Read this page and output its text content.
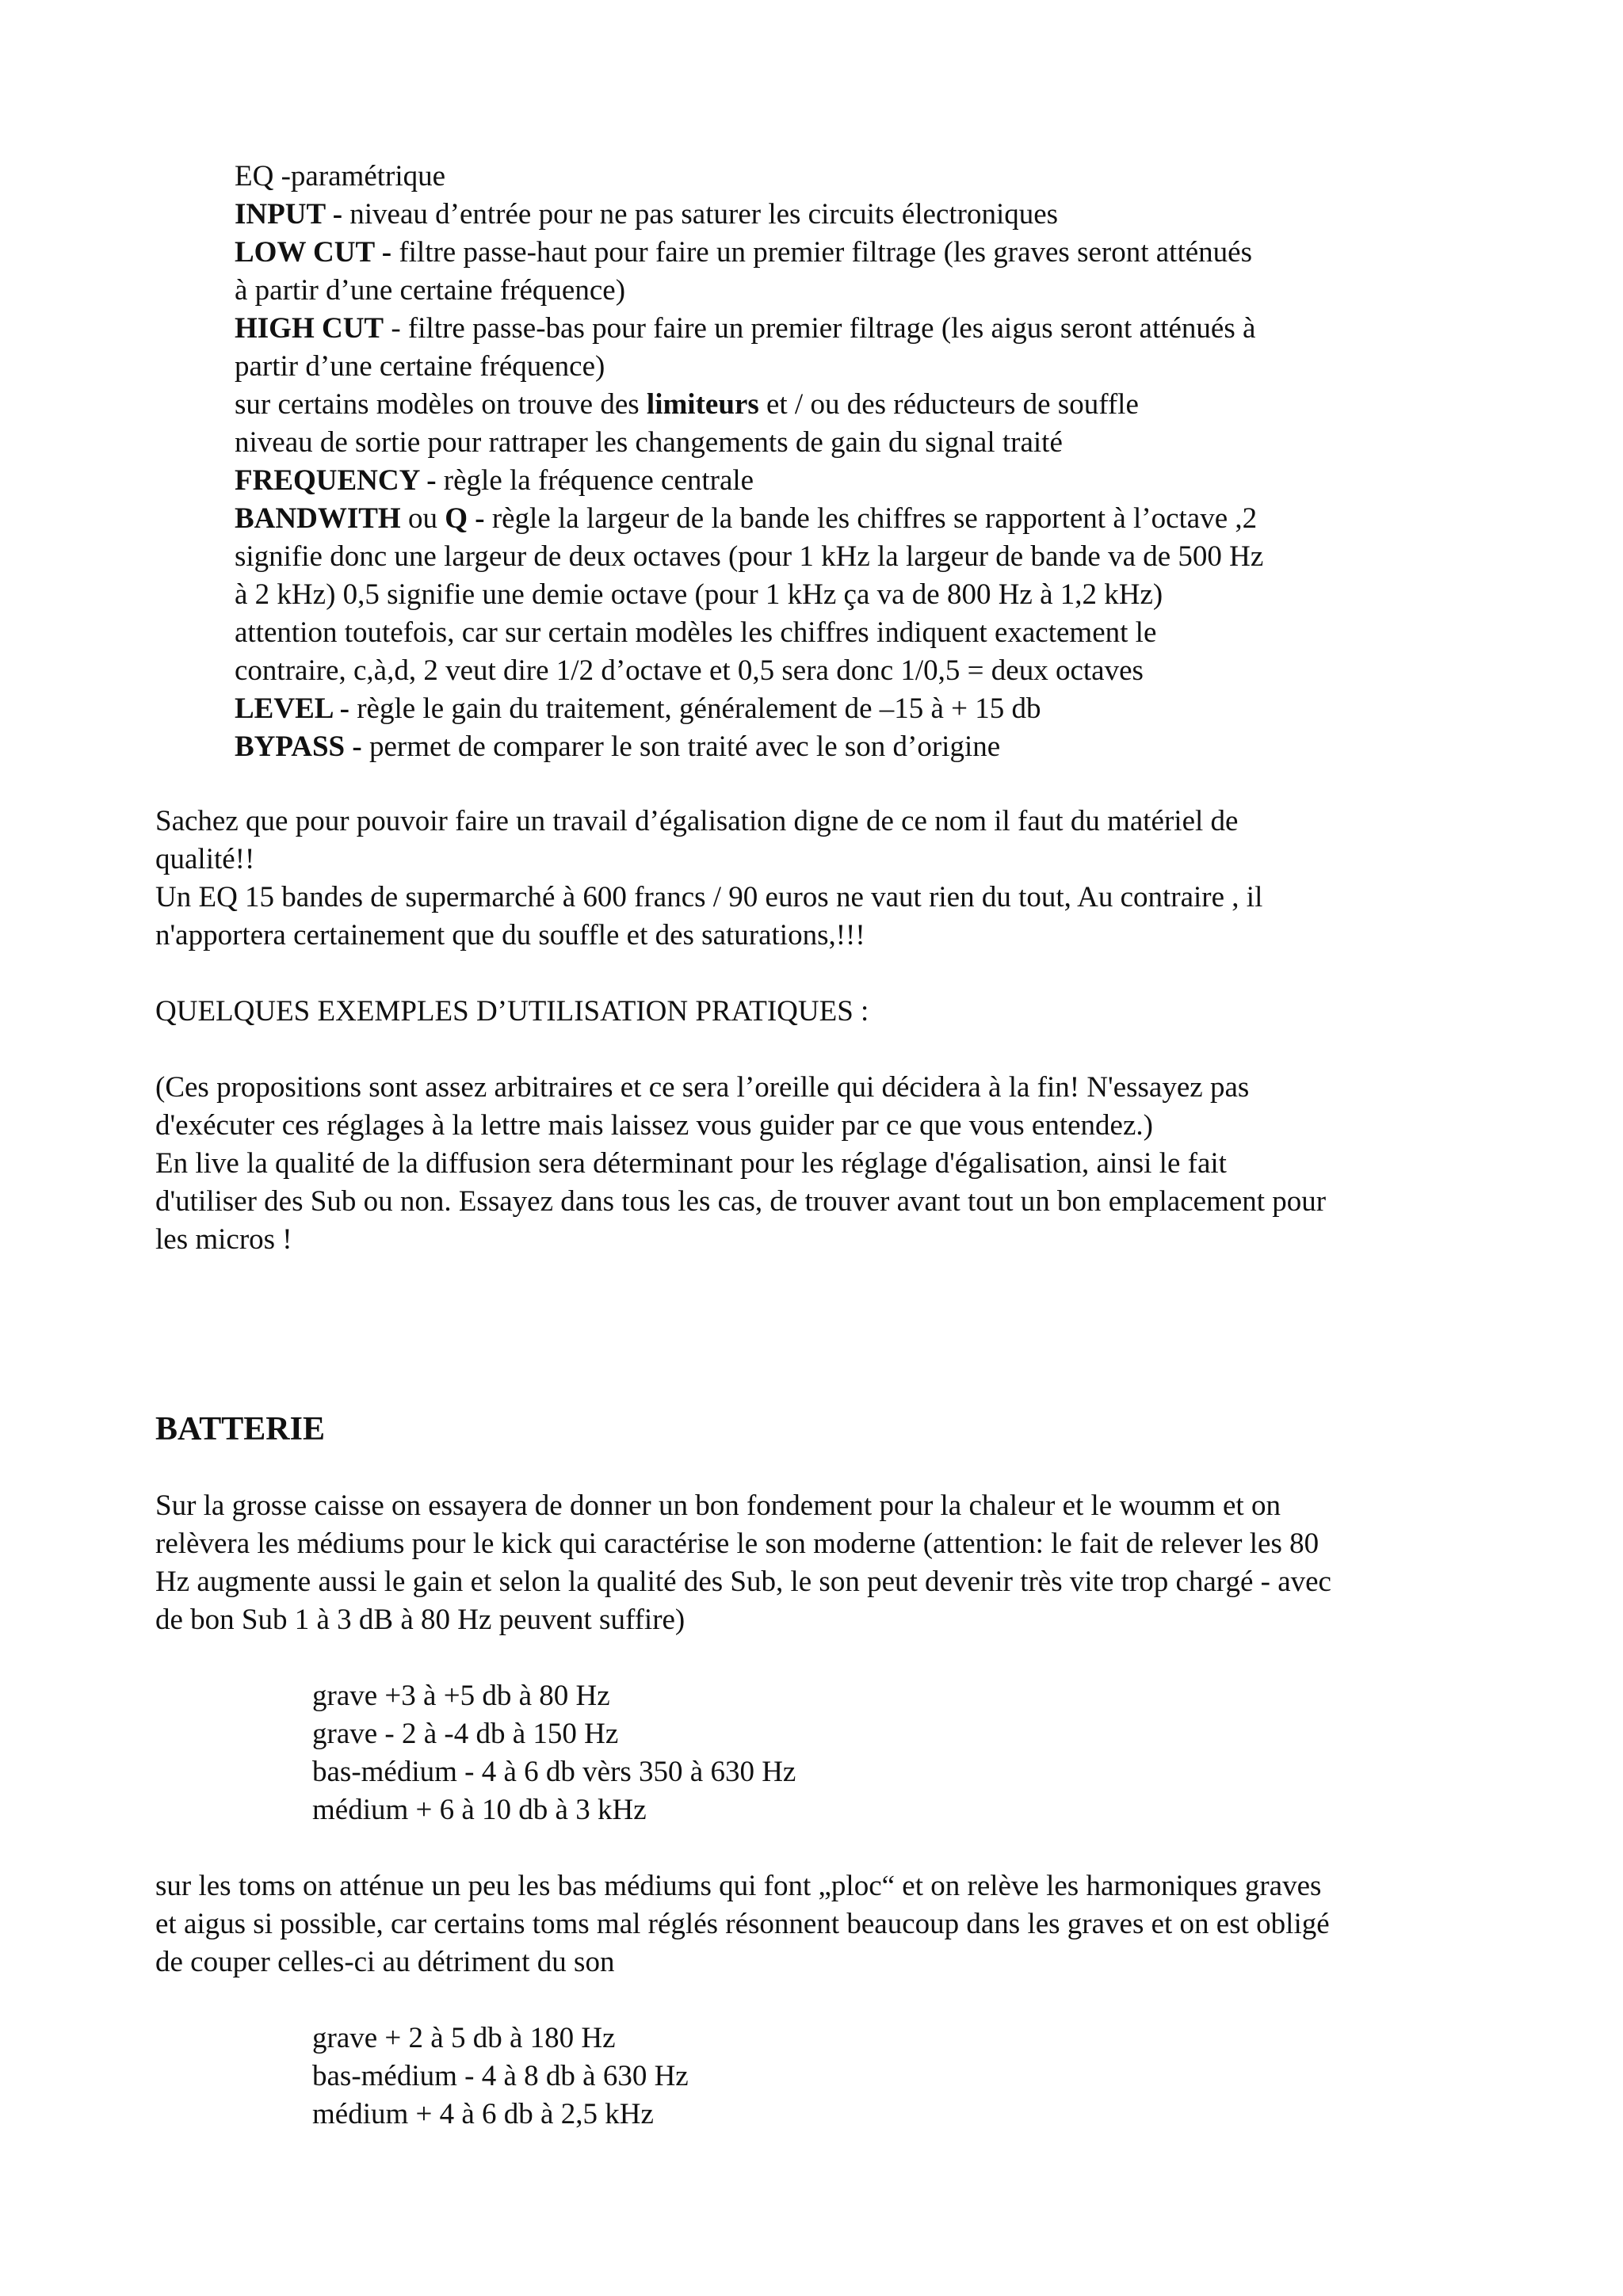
EQ -paramétrique
INPUT - niveau d’entrée pour ne pas saturer les circuits électroniques
LOW CUT - filtre passe-haut pour faire un premier filtrage (les graves seront atténués
à partir d’une certaine fréquence)
HIGH CUT - filtre passe-bas pour faire un premier filtrage (les aigus seront atténués à
partir d’une certaine fréquence)
sur certains modèles on trouve des limiteurs et / ou des réducteurs de souffle
niveau de sortie pour rattraper les changements de gain du signal traité
FREQUENCY - règle la fréquence centrale
BANDWITH ou Q - règle la largeur de la bande les chiffres se rapportent à l’octave ,2
signifie donc une largeur de deux octaves (pour 1 kHz la largeur de bande va de 500 Hz
à 2 kHz) 0,5 signifie une demie octave (pour 1 kHz ça va de 800 Hz à 1,2 kHz)
attention toutefois, car sur certain modèles les chiffres indiquent exactement le
contraire, c,à,d, 2 veut dire 1/2 d’octave et 0,5 sera donc 1/0,5 = deux octaves
LEVEL - règle le gain du traitement, généralement de –15 à + 15 db
BYPASS - permet de comparer le son traité avec le son d’origine
Sachez que pour pouvoir faire un travail d’égalisation digne de ce nom il faut du matériel de
qualité!!
Un EQ 15 bandes de supermarché à 600 francs / 90 euros ne vaut rien du tout, Au contraire , il
n'apportera certainement que du souffle et des saturations,!!!
QUELQUES EXEMPLES D’UTILISATION PRATIQUES :
(Ces propositions sont assez arbitraires et ce sera l’oreille qui décidera à la fin! N'essayez pas
d'exécuter ces réglages à la lettre mais laissez vous guider par ce que vous entendez.)
En live la qualité de la diffusion sera déterminant pour les réglage d'égalisation, ainsi le fait
d'utiliser des Sub ou non. Essayez dans tous les cas, de trouver avant tout un bon emplacement pour
les micros !
BATTERIE
Sur la grosse caisse on essayera de donner un bon fondement pour la chaleur et le woumm et on
relèvera les médiums pour le kick qui caractérise le son moderne (attention: le fait de relever les 80
Hz augmente aussi le gain et selon la qualité des Sub, le son peut devenir très vite trop chargé - avec
de bon Sub 1 à 3 dB à 80 Hz peuvent suffire)
grave +3 à +5 db à 80 Hz
grave - 2 à -4 db à 150 Hz
bas-médium - 4 à 6 db vèrs 350 à 630 Hz
médium + 6 à 10 db à 3 kHz
sur les toms on atténue un peu les bas médiums qui font „ploc“ et on relève les harmoniques graves
et aigus si possible, car certains toms mal réglés résonnent beaucoup dans les graves et on est obligé
de couper celles-ci au détriment du son
grave + 2 à 5 db à 180 Hz
bas-médium - 4 à 8 db à 630 Hz
médium + 4 à 6 db à 2,5 kHz
